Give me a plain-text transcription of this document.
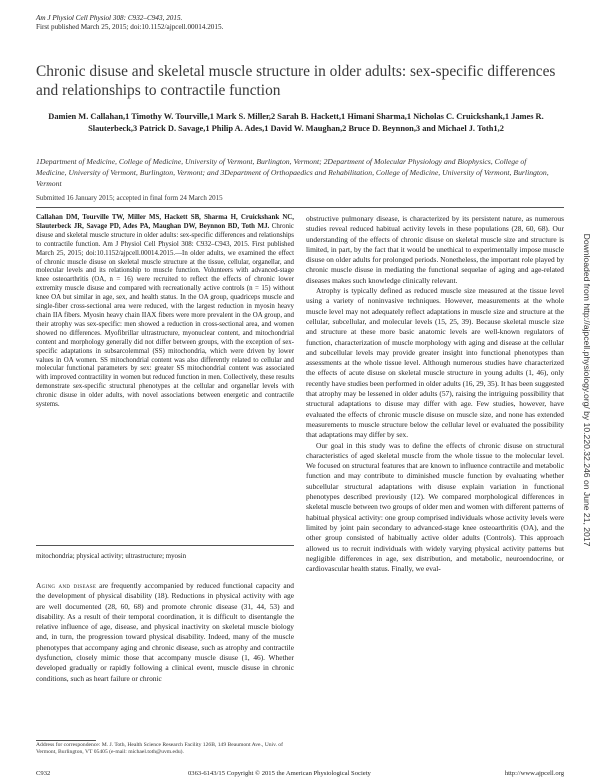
Am J Physiol Cell Physiol 308: C932–C943, 2015.
First published March 25, 2015; doi:10.1152/ajpcell.00014.2015.
Chronic disuse and skeletal muscle structure in older adults: sex-specific differences and relationships to contractile function

Damien M. Callahan,1 Timothy W. Tourville,1 Mark S. Miller,2 Sarah B. Hackett,1 Himani Sharma,1 Nicholas C. Cruickshank,1 James R. Slauterbeck,3 Patrick D. Savage,1 Philip A. Ades,1 David W. Maughan,2 Bruce D. Beynnon,3 and Michael J. Toth1,2

1Department of Medicine, College of Medicine, University of Vermont, Burlington, Vermont; 2Department of Molecular Physiology and Biophysics, College of Medicine, University of Vermont, Burlington, Vermont; and 3Department of Orthopaedics and Rehabilitation, College of Medicine, University of Vermont, Burlington, Vermont

Submitted 16 January 2015; accepted in final form 24 March 2015

Callahan DM, Tourville TW, Miller MS, Hackett SB, Sharma H, Cruickshank NC, Slauterbeck JR, Savage PD, Ades PA, Maughan DW, Beynnon BD, Toth MJ. Chronic disuse and skeletal muscle structure in older adults: sex-specific differences and relationships to contractile function. Am J Physiol Cell Physiol 308: C932–C943, 2015. First published March 25, 2015; doi:10.1152/ajpcell.00014.2015.—In older adults, we examined the effect of chronic muscle disuse on skeletal muscle structure at the tissue, cellular, organellar, and molecular levels and its relationship to muscle function. Volunteers with advanced-stage knee osteoarthritis (OA, n = 16) were recruited to reflect the effects of chronic lower extremity muscle disuse and compared with recreationally active controls (n = 15) without knee OA but similar in age, sex, and health status. In the OA group, quadriceps muscle and single-fiber cross-sectional area were reduced, with the largest reduction in myosin heavy chain IIA fibers. Myosin heavy chain IIAX fibers were more prevalent in the OA group, and their atrophy was sex-specific: men showed a reduction in cross-sectional area, and women showed no differences. Myofibrillar ultrastructure, myonuclear content, and mitochondrial content and morphology generally did not differ between groups, with the exception of sex-specific adaptations in subsarcolemmal (SS) mitochondria, which were driven by lower values in OA women. SS mitochondrial content was also differently related to cellular and molecular functional parameters by sex: greater SS mitochondrial content was associated with improved contractility in women but reduced function in men. Collectively, these results demonstrate sex-specific structural phenotypes at the cellular and organellar levels with chronic disuse in older adults, with novel associations between energetic and contractile systems.

mitochondria; physical activity; ultrastructure; myosin

Aging and disease are frequently accompanied by reduced functional capacity and the development of physical disability (18). Reductions in physical activity with age are well documented (28, 60, 68) and promote chronic disease (31, 44, 53) and disability. As a result of their temporal coordination, it is difficult to disentangle the relative influence of age, disease, and physical inactivity on skeletal muscle biology and, in turn, the progression toward physical disability. Indeed, many of the muscle phenotypes that accompany aging and chronic disease, such as atrophy and contractile dysfunction, closely mimic those that accompany muscle disuse (1, 46). Whether developed gradually or rapidly following a clinical event, muscle disuse in chronic conditions, such as heart failure or chronic

obstructive pulmonary disease, is characterized by its persistent nature, as numerous studies reveal reduced habitual activity levels in these populations (28, 60, 68). Our understanding of the effects of chronic disuse on skeletal muscle size and structure is limited, in part, by the fact that it would be unethical to experimentally impose muscle disuse on older adults for prolonged periods. Nonetheless, the important role played by chronic muscle disuse in mediating the functional sequelae of aging and age-related diseases makes such knowledge clinically relevant.

Atrophy is typically defined as reduced muscle size measured at the tissue level using a variety of noninvasive techniques. However, measurements at the whole muscle level may not adequately reflect adaptations in muscle size and structure at the cellular, subcellular, and molecular levels (15, 25, 39). Because skeletal muscle size and structure at these more basic anatomic levels are well-known regulators of function, characterization of muscle morphology with aging and disease at the cellular and subcellular levels may provide greater insight into functional phenotypes than assessments at the whole tissue level. Although numerous studies have characterized the effects of acute disuse on skeletal muscle structure in young adults (1, 46), only recently have studies been performed in older adults (16, 29, 35). It has been suggested that atrophy may be lessened in older adults (57), raising the intriguing possibility that structural adaptations to disuse may differ with age. Few studies, however, have evaluated the effects of chronic muscle disuse on muscle size, and none has extended measurements to muscle structure below the cellular level or evaluated the possibility that adaptations may differ by sex.

Our goal in this study was to define the effects of chronic disuse on structural characteristics of aged skeletal muscle from the whole tissue to the molecular level. We focused on structural features that are known to influence contractile and metabolic function and may contribute to diminished muscle function by evaluating whether subcellular structural adaptations with disuse explain variation in functional phenotypes described previously (12). We compared morphological differences in skeletal muscle between two groups of older men and women with different patterns of habitual physical activity: one group comprised individuals whose activity levels were limited by joint pain secondary to advanced-stage knee osteoarthritis (OA), and the other group consisted of habitually active older adults (Controls). This approach allowed us to recruit individuals with widely varying physical activity patterns but negligible differences in age, sex distribution, and metabolic, neuroendocrine, or cardiovascular health status. Finally, we eval-

Address for correspondence: M. J. Toth, Health Science Research Facility 126B, 149 Beaumont Ave., Univ. of Vermont, Burlington, VT 05405 (e-mail: michael.toth@uvm.edu).
C932	0363-6143/15 Copyright © 2015 the American Physiological Society	http://www.ajpcell.org
Downloaded from http://ajpcell.physiology.org/ by 10.220.32.246 on June 21, 2017
